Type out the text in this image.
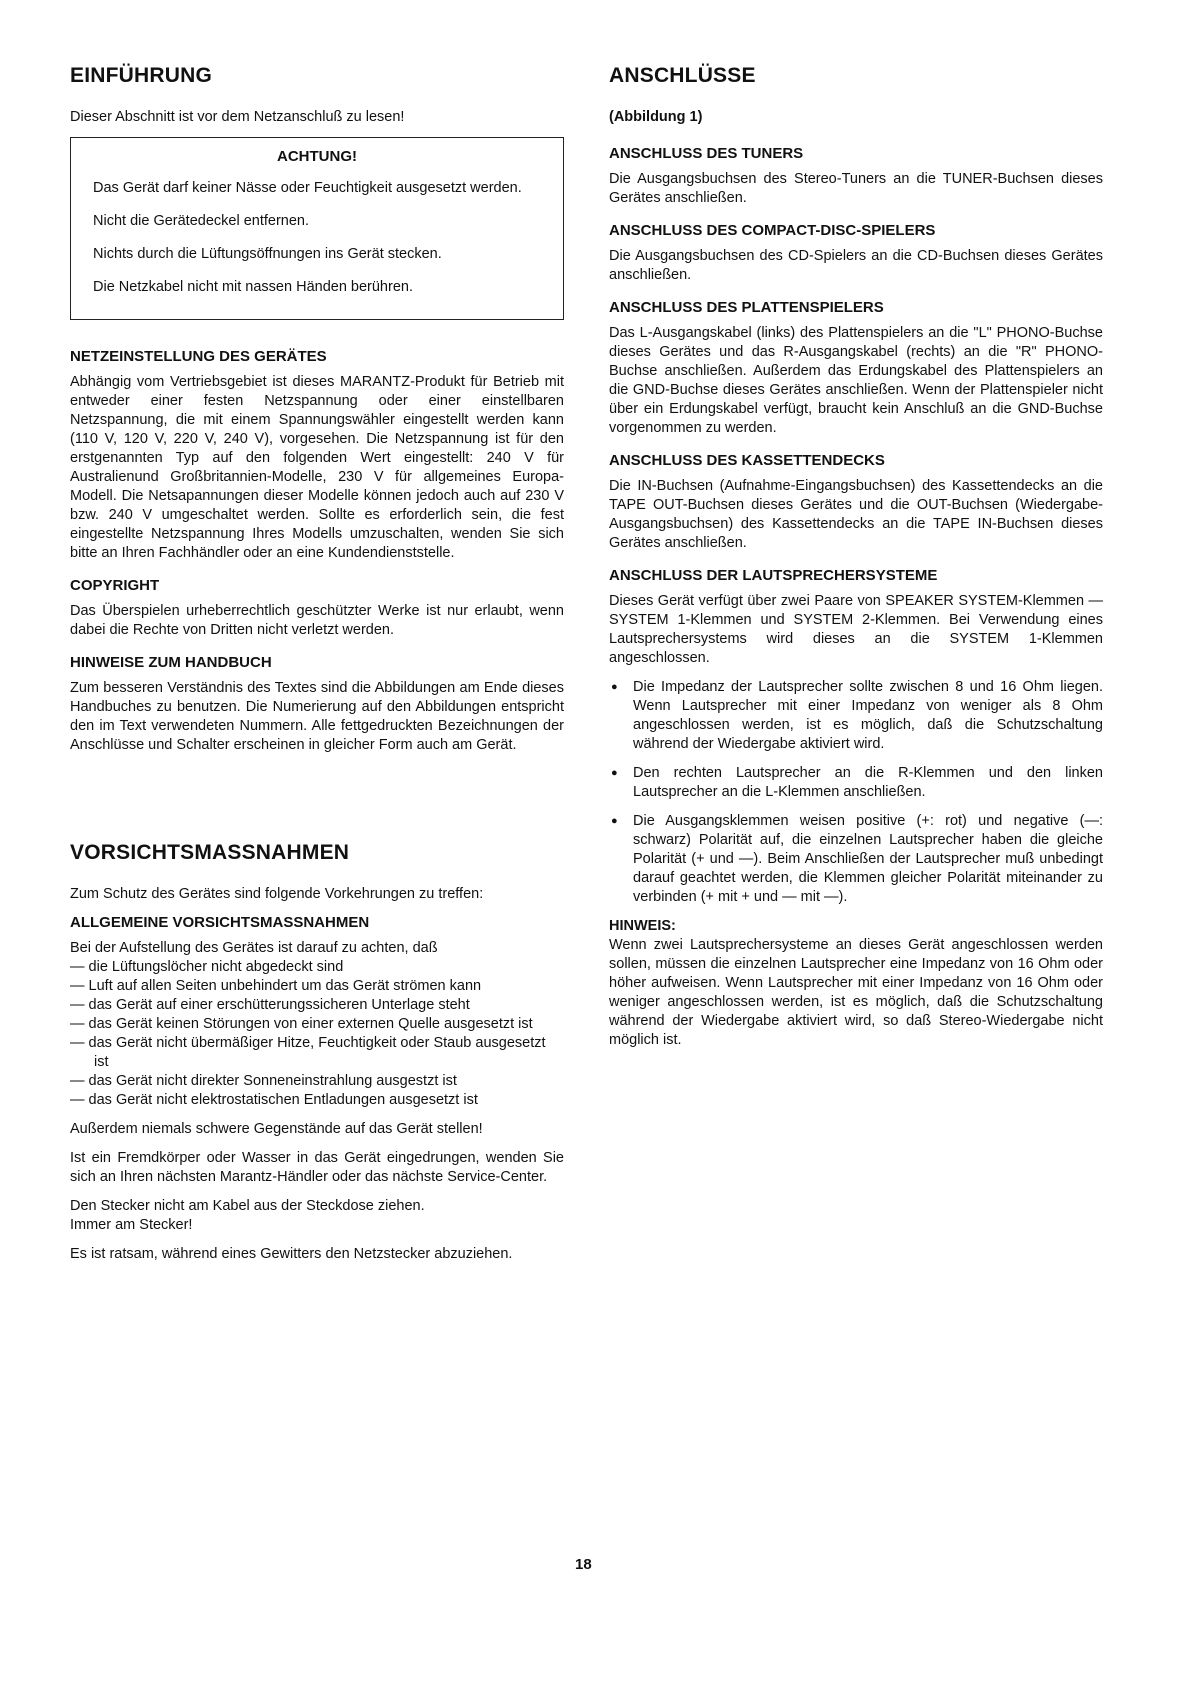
EINFÜHRUNG

Dieser Abschnitt ist vor dem Netzanschluß zu lesen!

ACHTUNG!

Das Gerät darf keiner Nässe oder Feuchtigkeit ausgesetzt werden.

Nicht die Gerätedeckel entfernen.

Nichts durch die Lüftungsöffnungen ins Gerät stecken.

Die Netzkabel nicht mit nassen Händen berühren.

NETZEINSTELLUNG DES GERÄTES

Abhängig vom Vertriebsgebiet ist dieses MARANTZ-Produkt für Betrieb mit entweder einer festen Netzspannung oder einer einstellbaren Netzspannung, die mit einem Spannungswähler eingestellt werden kann (110 V, 120 V, 220 V, 240 V), vorgesehen. Die Netzspannung ist für den erstgenannten Typ auf den folgenden Wert eingestellt: 240 V für Australienund Großbritannien-Modelle, 230 V für allgemeines Europa-Modell. Die Netsapannungen dieser Modelle können jedoch auch auf 230 V bzw. 240 V umgeschaltet werden. Sollte es erforderlich sein, die fest eingestellte Netzspannung Ihres Modells umzuschalten, wenden Sie sich bitte an Ihren Fachhändler oder an eine Kundendienststelle.

COPYRIGHT

Das Überspielen urheberrechtlich geschützter Werke ist nur erlaubt, wenn dabei die Rechte von Dritten nicht verletzt werden.

HINWEISE ZUM HANDBUCH

Zum besseren Verständnis des Textes sind die Abbildungen am Ende dieses Handbuches zu benutzen. Die Numerierung auf den Abbildungen entspricht den im Text verwendeten Nummern. Alle fettgedruckten Bezeichnungen der Anschlüsse und Schalter erscheinen in gleicher Form auch am Gerät.

VORSICHTSMASSNAHMEN

Zum Schutz des Gerätes sind folgende Vorkehrungen zu treffen:

ALLGEMEINE VORSICHTSMASSNAHMEN

Bei der Aufstellung des Gerätes ist darauf zu achten, daß

— die Lüftungslöcher nicht abgedeckt sind
— Luft auf allen Seiten unbehindert um das Gerät strömen kann
— das Gerät auf einer erschütterungssicheren Unterlage steht
— das Gerät keinen Störungen von einer externen Quelle ausgesetzt ist
— das Gerät nicht übermäßiger Hitze, Feuchtigkeit oder Staub ausgesetzt ist
— das Gerät nicht direkter Sonneneinstrahlung ausgestzt ist
— das Gerät nicht elektrostatischen Entladungen ausgesetzt ist

Außerdem niemals schwere Gegenstände auf das Gerät stellen!

Ist ein Fremdkörper oder Wasser in das Gerät eingedrungen, wenden Sie sich an Ihren nächsten Marantz-Händler oder das nächste Service-Center.

Den Stecker nicht am Kabel aus der Steckdose ziehen.
Immer am Stecker!

Es ist ratsam, während eines Gewitters den Netzstecker abzuziehen.

ANSCHLÜSSE

(Abbildung 1)

ANSCHLUSS DES TUNERS

Die Ausgangsbuchsen des Stereo-Tuners an die TUNER-Buchsen dieses Gerätes anschließen.

ANSCHLUSS DES COMPACT-DISC-SPIELERS

Die Ausgangsbuchsen des CD-Spielers an die CD-Buchsen dieses Gerätes anschließen.

ANSCHLUSS DES PLATTENSPIELERS

Das L-Ausgangskabel (links) des Plattenspielers an die "L" PHONO-Buchse dieses Gerätes und das R-Ausgangskabel (rechts) an die "R" PHONO-Buchse anschließen. Außerdem das Erdungskabel des Plattenspielers an die GND-Buchse dieses Gerätes anschließen. Wenn der Plattenspieler nicht über ein Erdungskabel verfügt, braucht kein Anschluß an die GND-Buchse vorgenommen zu werden.

ANSCHLUSS DES KASSETTENDECKS

Die IN-Buchsen (Aufnahme-Eingangsbuchsen) des Kassettendecks an die TAPE OUT-Buchsen dieses Gerätes und die OUT-Buchsen (Wiedergabe-Ausgangsbuchsen) des Kassettendecks an die TAPE IN-Buchsen dieses Gerätes anschließen.

ANSCHLUSS DER LAUTSPRECHERSYSTEME

Dieses Gerät verfügt über zwei Paare von SPEAKER SYSTEM-Klemmen — SYSTEM 1-Klemmen und SYSTEM 2-Klemmen. Bei Verwendung eines Lautsprechersystems wird dieses an die SYSTEM 1-Klemmen angeschlossen.

● Die Impedanz der Lautsprecher sollte zwischen 8 und 16 Ohm liegen. Wenn Lautsprecher mit einer Impedanz von weniger als 8 Ohm angeschlossen werden, ist es möglich, daß die Schutzschaltung während der Wiedergabe aktiviert wird.
● Den rechten Lautsprecher an die R-Klemmen und den linken Lautsprecher an die L-Klemmen anschließen.
● Die Ausgangsklemmen weisen positive (+: rot) und negative (—: schwarz) Polarität auf, die einzelnen Lautsprecher haben die gleiche Polarität (+ und —). Beim Anschließen der Lautsprecher muß unbedingt darauf geachtet werden, die Klemmen gleicher Polarität miteinander zu verbinden (+ mit + und — mit —).

HINWEIS:

Wenn zwei Lautsprechersysteme an dieses Gerät angeschlossen werden sollen, müssen die einzelnen Lautsprecher eine Impedanz von 16 Ohm oder höher aufweisen. Wenn Lautsprecher mit einer Impedanz von 16 Ohm oder weniger angeschlossen werden, ist es möglich, daß die Schutzschaltung während der Wiedergabe aktiviert wird, so daß Stereo-Wiedergabe nicht möglich ist.

18
